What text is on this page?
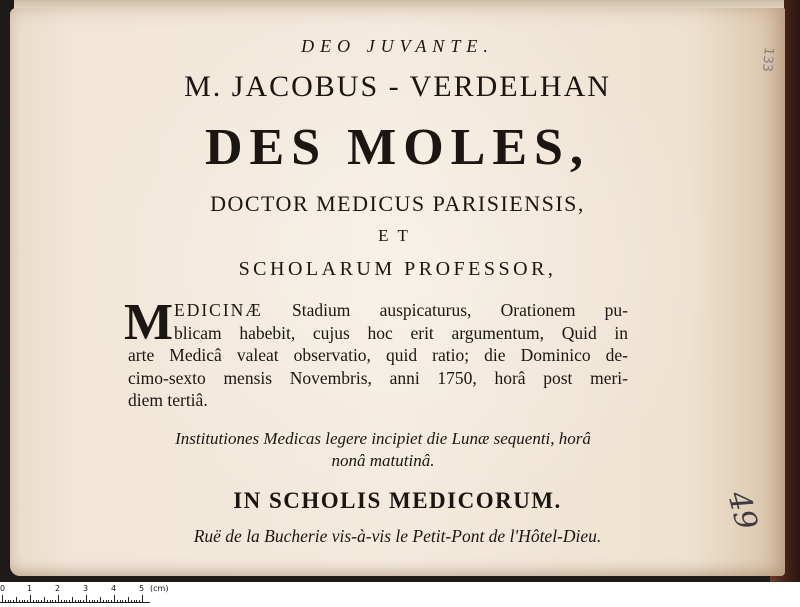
DEO JUVANTE.
M. JACOBUS - VERDELHAN
DES MOLES,
DOCTOR MEDICUS PARISIENSIS,
ET
SCHOLARUM PROFESSOR,
M EDICINÆ Stadium auspicaturus, Orationem pu-
blicam habebit, cujus hoc erit argumentum, Quid in
arte Medicâ valeat observatio, quid ratio; die Dominico de-
cimo-sexto mensis Novembris, anni 1750, horâ post meri-
diem tertiâ.
Institutiones Medicas legere incipiet die Lunæ sequenti, horâ
nonâ matutinâ.
IN SCHOLIS MEDICORUM.
Ruë de la Bucherie vis-à-vis le Petit-Pont de l'Hôtel-Dieu.
133
49
0	1	2	3	4	5 (cm)
